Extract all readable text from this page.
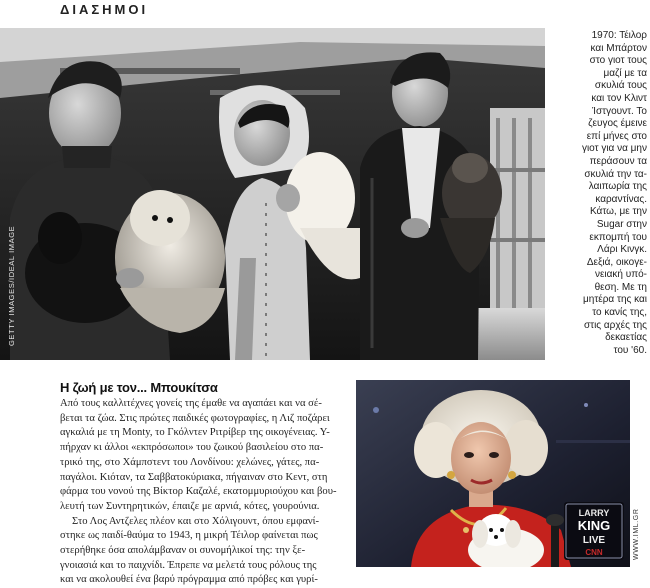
ΔΙΑΣΗΜΟΙ
GETTY IMAGES/IDEAL IMAGE
1970: Τέιλορ
και Μπάρτον
στο γιοτ τους
μαζί με τα
σκυλιά τους
και τον Κλιντ
Ίστγουντ. Το
ζευγος έμεινε
επί μήνες στο
γιοτ για να μην
περάσουν τα
σκυλιά την τα-
λαιπωρία της
καραντίνας.
Κάτω, με την
Sugar στην
εκπομπή του
Λάρι Κινγκ.
Δεξιά, οικογε-
νειακή υπό-
θεση. Με τη
μητέρα της και
το κανίς της,
στις αρχές της
δεκαετίας
του '60.
Η ζωή με τον... Μπουκίτσα
Από τους καλλιτέχνες γονείς της έμαθε να αγαπάει και να σέ-
βεται τα ζώα. Στις πρώτες παιδικές φωτογραφίες, η Λιζ ποζάρει
αγκαλιά με τη Monty, το Γκόλντεν Ριτρίβερ της οικογένειας. Υ-
πήρχαν κι άλλοι «εκπρόσωποι» του ζωικού βασιλείου στο πα-
τρικό της, στο Χάμπστεντ του Λονδίνου: χελώνες, γάτες, πα-
παγάλοι. Κιόταν, τα Σαββατοκύριακα, πήγαιναν στο Κεντ, στη
φάρμα του νονού της Βίκτορ Καζαλέ, εκατομμυριούχου και βου-
λευτή των Συντηρητικών, έπαιζε με αρνιά, κότες, γουρούνια.
Στο Λος Αντζελες πλέον και στο Χόλιγουντ, όπου εμφανί-
στηκε ως παιδί-θαύμα το 1943, η μικρή Τέιλορ φαίνεται πως
στερήθηκε όσα απολάμβαναν οι συνομήλικοί της: την ξε-
γνοιασιά και το παιχνίδι. Έπρεπε να μελετά τους ρόλους της
και να ακολουθεί ένα βαρύ πρόγραμμα από πρόβες και γυρί-
LARRY
KING
LIVE
CNN	WWW.IML.GR
